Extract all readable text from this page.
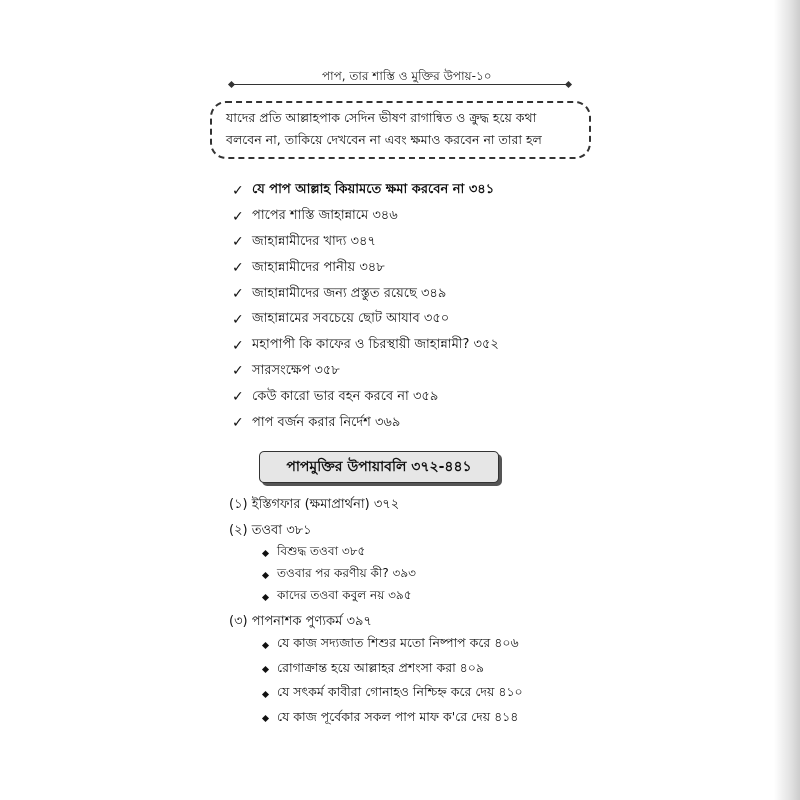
পাপ, তার শাস্তি ও মুক্তির উপায়-১০
যাদের প্রতি আল্লাহপাক সেদিন ভীষণ রাগান্বিত ও ক্রুদ্ধ হয়ে কথা
বলবেন না, তাকিয়ে দেখবেন না এবং ক্ষমাও করবেন না তারা হল
✓ যে পাপ আল্লাহ কিয়ামতে ক্ষমা করবেন না ৩৪১
✓ পাপের শাস্তি জাহান্নামে ৩৪৬
✓ জাহান্নামীদের খাদ্য ৩৪৭
✓ জাহান্নামীদের পানীয় ৩৪৮
✓ জাহান্নামীদের জন্য প্রস্তুত রয়েছে ৩৪৯
✓ জাহান্নামের সবচেয়ে ছোট আযাব ৩৫০
✓ মহাপাপী কি কাফের ও চিরস্থায়ী জাহান্নামী? ৩৫২
✓ সারসংক্ষেপ ৩৫৮
✓ কেউ কারো ভার বহন করবে না ৩৫৯
✓ পাপ বর্জন করার নির্দেশ ৩৬৯
পাপমুক্তির উপায়াবলি ৩৭২-৪৪১
(১) ইস্তিগফার (ক্ষমাপ্রার্থনা) ৩৭২
(২) তওবা ৩৮১
বিশুদ্ধ তওবা ৩৮৫
তওবার পর করণীয় কী? ৩৯৩
কাদের তওবা কবুল নয় ৩৯৫
(৩) পাপনাশক পুণ্যকর্ম ৩৯৭
যে কাজ সদ্যজাত শিশুর মতো নিষ্পাপ করে ৪০৬
রোগাক্রান্ত হয়ে আল্লাহর প্রশংসা করা ৪০৯
যে সৎকর্ম কাবীরা গোনাহও নিশ্চিহ্ন করে দেয় ৪১০
যে কাজ পূর্বেকার সকল পাপ মাফ ক'রে দেয় ৪১৪
